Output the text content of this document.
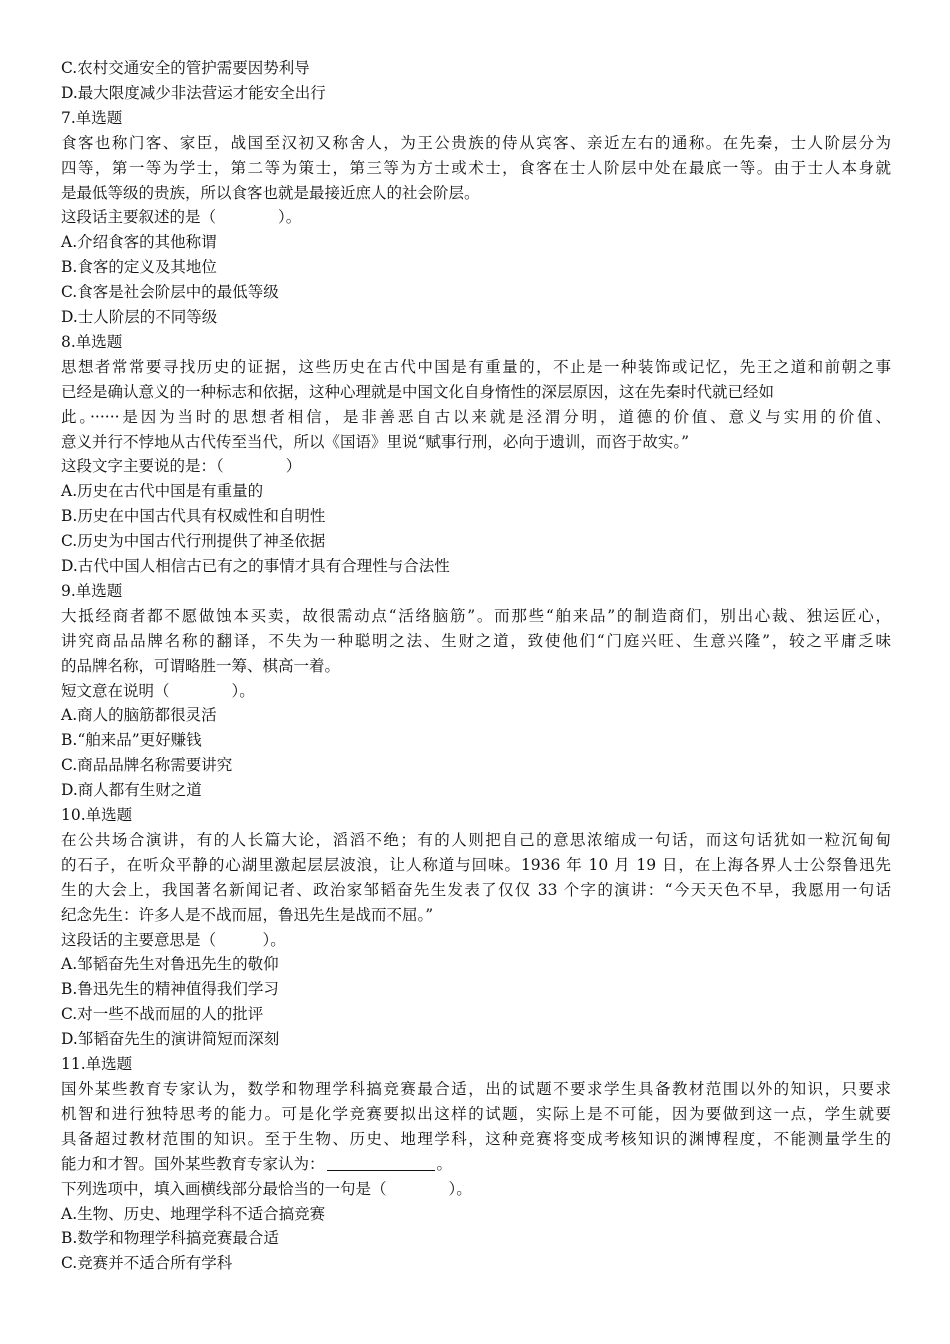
C.农村交通安全的管护需要因势利导
D.最大限度减少非法营运才能安全出行
7.单选题
食客也称门客、家臣，战国至汉初又称舍人，为王公贵族的侍从宾客、亲近左右的通称。在先秦，士人阶层分为
四等，第一等为学士，第二等为策士，第三等为方士或术士，食客在士人阶层中处在最底一等。由于士人本身就
是最低等级的贵族，所以食客也就是最接近庶人的社会阶层。
这段话主要叙述的是（　　　　）。
A.介绍食客的其他称谓
B.食客的定义及其地位
C.食客是社会阶层中的最低等级
D.士人阶层的不同等级
8.单选题
思想者常常要寻找历史的证据，这些历史在古代中国是有重量的，不止是一种装饰或记忆，先王之道和前朝之事
已经是确认意义的一种标志和依据，这种心理就是中国文化自身惰性的深层原因，这在先秦时代就已经如
此。······是因为当时的思想者相信，是非善恶自古以来就是泾渭分明，道德的价值、意义与实用的价值、
意义并行不悖地从古代传至当代，所以《国语》里说“赋事行刑，必向于遗训，而咨于故实。”
这段文字主要说的是：（　　　　）
A.历史在古代中国是有重量的
B.历史在中国古代具有权威性和自明性
C.历史为中国古代行刑提供了神圣依据
D.古代中国人相信古已有之的事情才具有合理性与合法性
9.单选题
大抵经商者都不愿做蚀本买卖，故很需动点“活络脑筋”。而那些“舶来品”的制造商们，别出心裁、独运匠心，
讲究商品品牌名称的翻译，不失为一种聪明之法、生财之道，致使他们“门庭兴旺、生意兴隆”，较之平庸乏味
的品牌名称，可谓略胜一筹、棋高一着。
短文意在说明（　　　　）。
A.商人的脑筋都很灵活
B.“舶来品”更好赚钱
C.商品品牌名称需要讲究
D.商人都有生财之道
10.单选题
在公共场合演讲，有的人长篇大论，滔滔不绝；有的人则把自己的意思浓缩成一句话，而这句话犹如一粒沉甸甸
的石子，在听众平静的心湖里激起层层波浪，让人称道与回味。1936 年 10 月 19 日，在上海各界人士公祭鲁迅先
生的大会上，我国著名新闻记者、政治家邹韬奋先生发表了仅仅 33 个字的演讲：“今天天色不早，我愿用一句话
纪念先生：许多人是不战而屈，鲁迅先生是战而不屈。”
这段话的主要意思是（　　　）。
A.邹韬奋先生对鲁迅先生的敬仰
B.鲁迅先生的精神值得我们学习
C.对一些不战而屈的人的批评
D.邹韬奋先生的演讲简短而深刻
11.单选题
国外某些教育专家认为，数学和物理学科搞竞赛最合适，出的试题不要求学生具备教材范围以外的知识，只要求
机智和进行独特思考的能力。可是化学竞赛要拟出这样的试题，实际上是不可能，因为要做到这一点，学生就要
具备超过教材范围的知识。至于生物、历史、地理学科，这种竞赛将变成考核知识的渊博程度，不能测量学生的
能力和才智。国外某些教育专家认为：	。
下列选项中，填入画横线部分最恰当的一句是（　　　　）。
A.生物、历史、地理学科不适合搞竞赛
B.数学和物理学科搞竞赛最合适
C.竞赛并不适合所有学科
